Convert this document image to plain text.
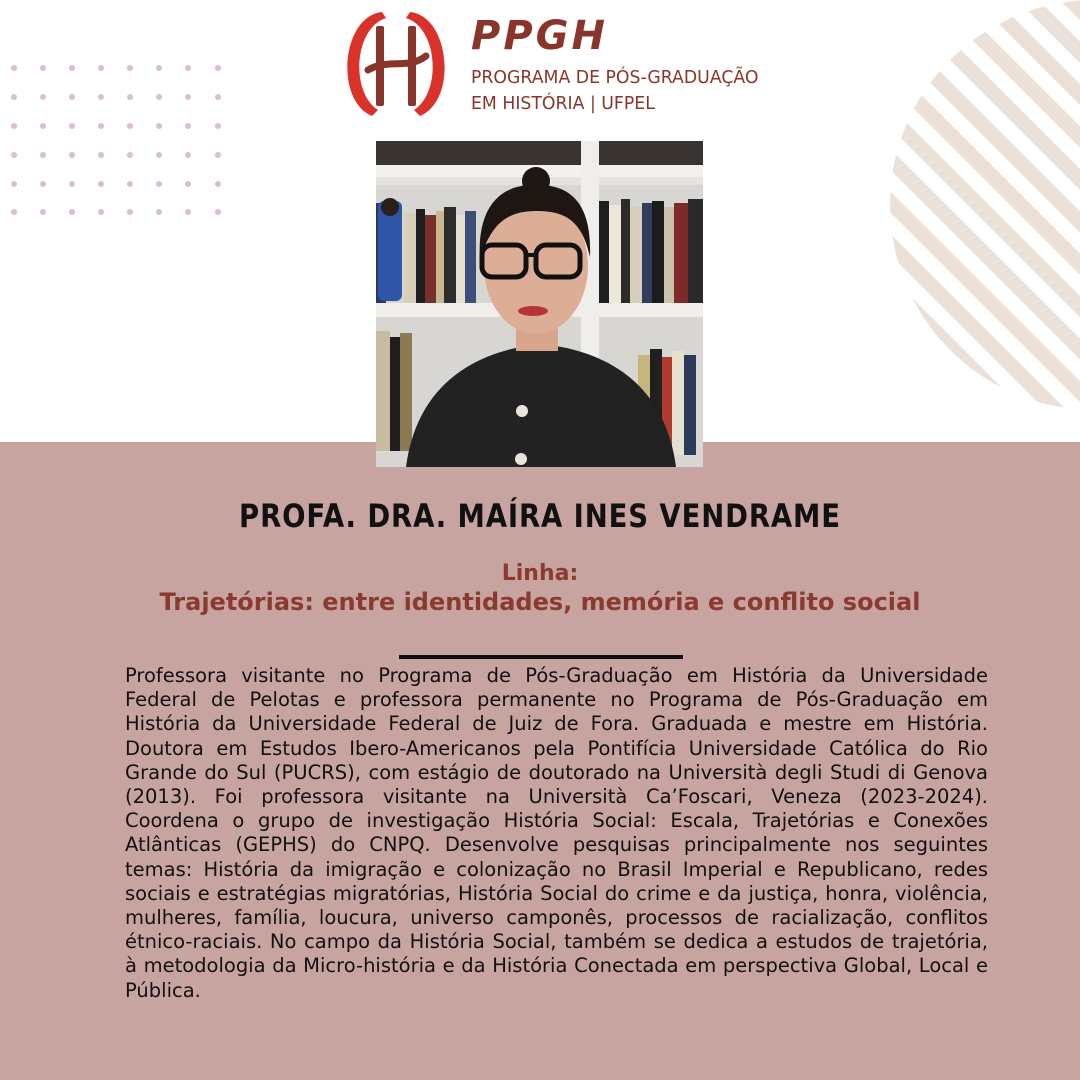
PPGH
PROGRAMA DE PÓS-GRADUAÇÃO
EM HISTÓRIA | UFPEL
PROFA. DRA. MAÍRA INES VENDRAME
Linha:
Trajetórias: entre identidades, memória e conflito social
Professora visitante no Programa de Pós-Graduação em História da Universidade Federal de Pelotas e professora permanente no Programa de Pós-Graduação em História da Universidade Federal de Juiz de Fora. Graduada e mestre em História. Doutora em Estudos Ibero-Americanos pela Pontifícia Universidade Católica do Rio Grande do Sul (PUCRS), com estágio de doutorado na Università degli Studi di Genova (2013). Foi professora visitante na Università Ca’Foscari, Veneza (2023-2024). Coordena o grupo de investigação História Social: Escala, Trajetórias e Conexões Atlânticas (GEPHS) do CNPQ. Desenvolve pesquisas principalmente nos seguintes temas: História da imigração e colonização no Brasil Imperial e Republicano, redes sociais e estratégias migratórias, História Social do crime e da justiça, honra, violência, mulheres, família, loucura, universo camponês, processos de racialização, conflitos étnico-raciais. No campo da História Social, também se dedica a estudos de trajetória, à metodologia da Micro-história e da História Conectada em perspectiva Global, Local e Pública.
